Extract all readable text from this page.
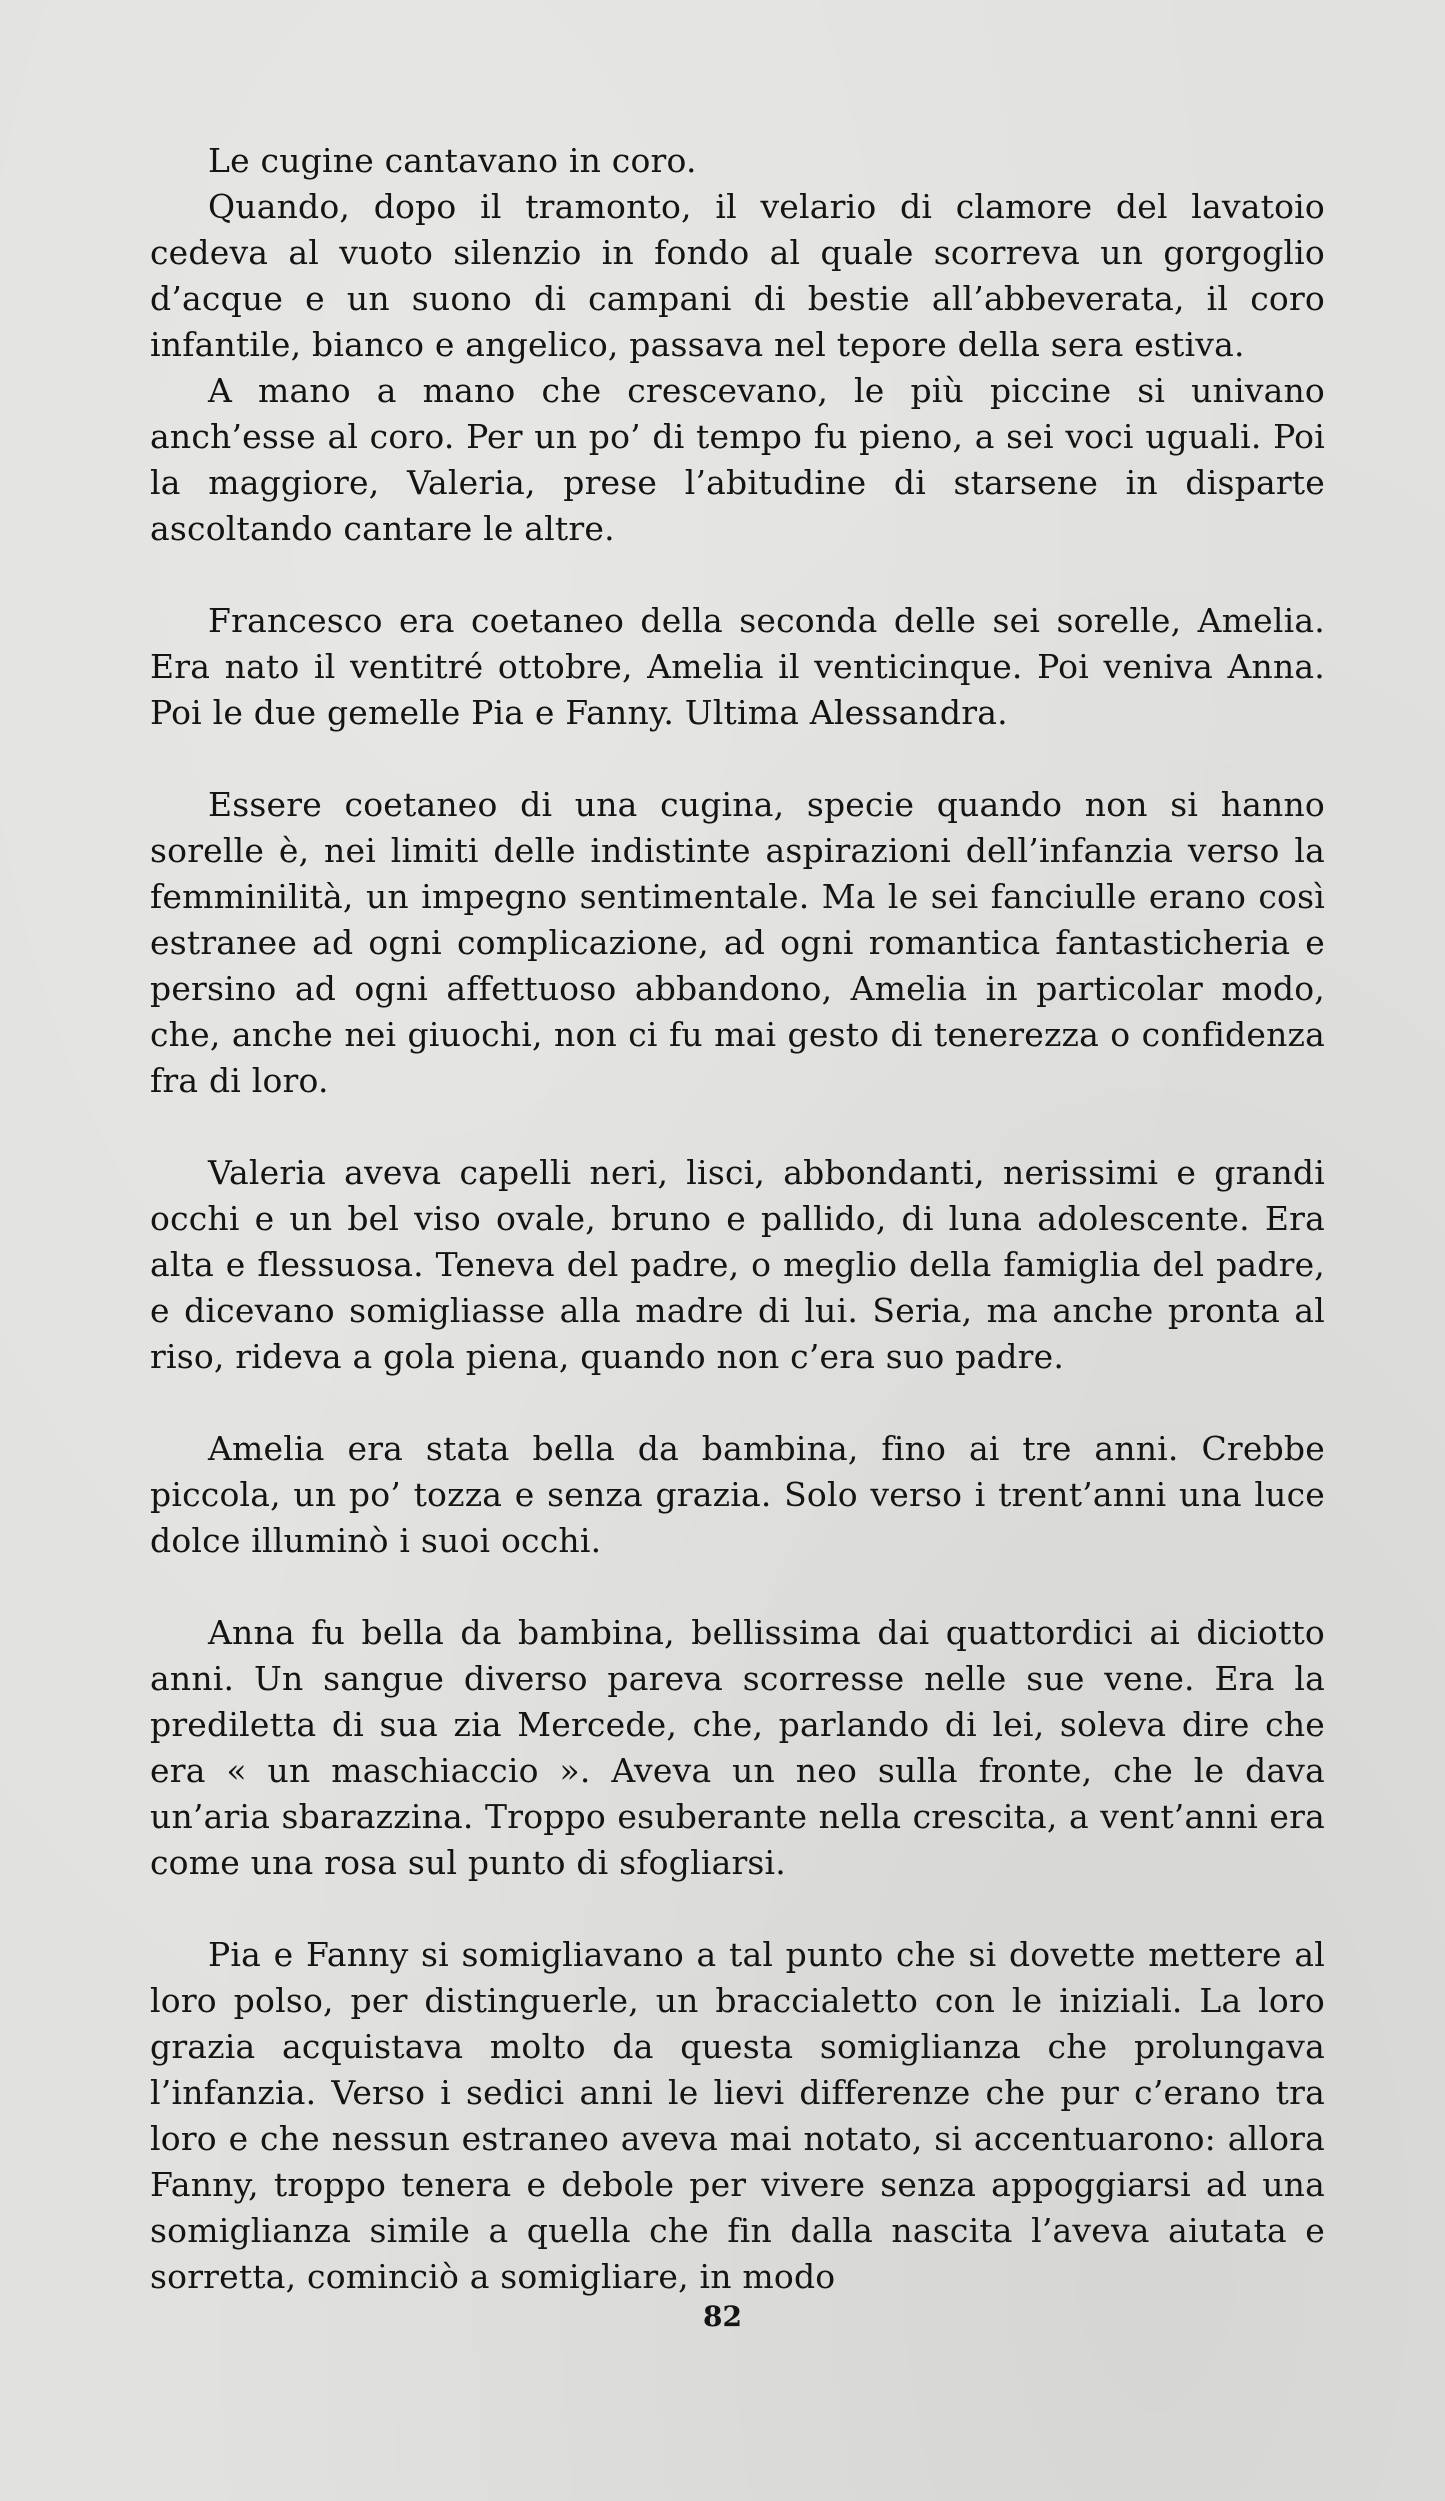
Le cugine cantavano in coro.

Quando, dopo il tramonto, il velario di clamore del lavatoio cedeva al vuoto silenzio in fondo al quale scorreva un gorgoglio d’acque e un suono di campani di bestie all’abbeverata, il coro infantile, bianco e angelico, passava nel tepore della sera estiva.

A mano a mano che crescevano, le più piccine si univano anch’esse al coro. Per un po’ di tempo fu pieno, a sei voci uguali. Poi la maggiore, Valeria, prese l’abitudine di starsene in disparte ascoltando cantare le altre.

Francesco era coetaneo della seconda delle sei sorelle, Amelia. Era nato il ventitré ottobre, Amelia il venticinque. Poi veniva Anna. Poi le due gemelle Pia e Fanny. Ultima Alessandra.

Essere coetaneo di una cugina, specie quando non si hanno sorelle è, nei limiti delle indistinte aspirazioni dell’infanzia verso la femminilità, un impegno sentimentale. Ma le sei fanciulle erano così estranee ad ogni complicazione, ad ogni romantica fantasticheria e persino ad ogni affettuoso abbandono, Amelia in particolar modo, che, anche nei giuochi, non ci fu mai gesto di tenerezza o confidenza fra di loro.

Valeria aveva capelli neri, lisci, abbondanti, nerissimi e grandi occhi e un bel viso ovale, bruno e pallido, di luna adolescente. Era alta e flessuosa. Teneva del padre, o meglio della famiglia del padre, e dicevano somigliasse alla madre di lui. Seria, ma anche pronta al riso, rideva a gola piena, quando non c’era suo padre.

Amelia era stata bella da bambina, fino ai tre anni. Crebbe piccola, un po’ tozza e senza grazia. Solo verso i trent’anni una luce dolce illuminò i suoi occhi.

Anna fu bella da bambina, bellissima dai quattordici ai diciotto anni. Un sangue diverso pareva scorresse nelle sue vene. Era la prediletta di sua zia Mercede, che, parlando di lei, soleva dire che era « un maschiaccio ». Aveva un neo sulla fronte, che le dava un’aria sbarazzina. Troppo esuberante nella crescita, a vent’anni era come una rosa sul punto di sfogliarsi.

Pia e Fanny si somigliavano a tal punto che si dovette mettere al loro polso, per distinguerle, un braccialetto con le iniziali. La loro grazia acquistava molto da questa somiglianza che prolungava l’infanzia. Verso i sedici anni le lievi differenze che pur c’erano tra loro e che nessun estraneo aveva mai notato, si accentuarono: allora Fanny, troppo tenera e debole per vivere senza appoggiarsi ad una somiglianza simile a quella che fin dalla nascita l’aveva aiutata e sorretta, cominciò a somigliare, in modo

82
